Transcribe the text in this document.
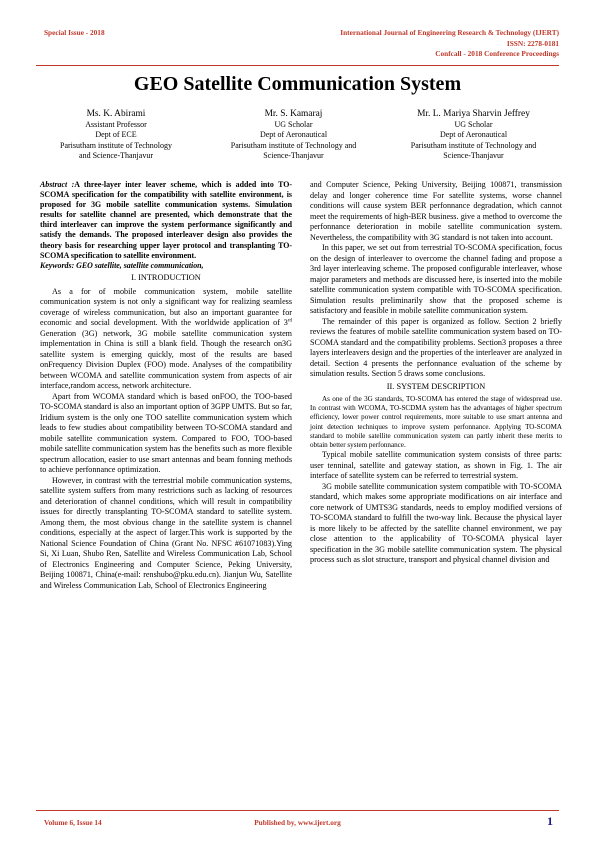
Special Issue - 2018	International Journal of Engineering Research & Technology (IJERT)
ISSN: 2278-0181
Confcall - 2018 Conference Proceedings
GEO Satellite Communication System
Ms. K. Abirami
Assistant Professor
Dept of ECE
Parisutham institute of Technology
and Science-Thanjavur
Mr. S. Kamaraj
UG Scholar
Dept of Aeronautical
Parisutham institute of Technology and
Science-Thanjavur
Mr. L. Mariya Sharvin Jeffrey
UG Scholar
Dept of Aeronautical
Parisutham institute of Technology and
Science-Thanjavur

Abstract :A three-layer inter leaver scheme, which is added into TO-SCOMA specification for the compatibility with satellite environment, is proposed for 3G mobile satellite communication systems. Simulation results for satellite channel are presented, which demonstrate that the third interleaver can improve the system performance significantly and satisfy the demands. The proposed interleaver design also provides the theory basis for researching upper layer protocol and transplanting TO-SCOMA specification to satellite environment.

Keywords: GEO satellite, satellite communication,

I. INTRODUCTION

As a for of mobile communication system, mobile satellite communication system is not only a significant way for realizing seamless coverage of wireless communication, but also an important guarantee for economic and social development. With the worldwide application of 3rd Generation (3G) network, 3G mobile satellite communication system implementation in China is still a blank field. Though the research on3G satellite system is emerging quickly, most of the results are based onFrequency Division Duplex (FOO) mode. Analyses of the compatibility between WCOMA and satellite communication system from aspects of air interface,random access, network architecture.

Apart from WCOMA standard which is based onFOO, the TOO-based TO-SCOMA standard is also an important option of 3GPP UMTS. But so far, Iridium system is the only one TOO satellite communication system which leads to few studies about compatibility between TO-SCOMA standard and mobile satellite communication system. Compared to FOO, TOO-based mobile satellite communication system has the benefits such as more flexible spectrum allocation, easier to use smart antennas and beam fonning methods to achieve perfonnance optimization.

However, in contrast with the terrestrial mobile communication systems, satellite system suffers from many restrictions such as lacking of resources and deterioration of channel conditions, which will result in compatibility issues for directly transplanting TO-SCOMA standard to satellite system. Among them, the most obvious change in the satellite system is channel conditions, especially at the aspect of larger.This work is supported by the National Science Foundation of China (Grant No. NFSC #61071083).Ying Si, Xi Luan, Shubo Ren, Satellite and Wireless Communication Lab, School of Electronics Engineering and Computer Science, Peking University, Beijing 100871, China(e-mail: renshubo@pku.edu.cn). Jianjun Wu, Satellite and Wireless Communication Lab, School of Electronics Engineering

and Computer Science, Peking University, Beijing 100871, transmission delay and longer coherence time For satellite systems, worse channel conditions will cause system BER perfonnance degradation, which cannot meet the requirements of high-BER business. give a method to overcome the perfonnance deterioration in mobile satellite communication system. Nevertheless, the compatibility with 3G standard is not taken into account.

In this paper, we set out from terrestrial TO-SCOMA specification, focus on the design of interleaver to overcome the channel fading and propose a 3rd layer interleaving scheme. The proposed configurable interleaver, whose major parameters and methods are discussed here, is inserted into the mobile satellite communication system compatible with TO-SCOMA specification. Simulation results preliminarily show that the proposed scheme is satisfactory and feasible in mobile satellite communication system.

The remainder of this paper is organized as follow. Section 2 briefly reviews the features of mobile satellite communication system based on TO-SCOMA standard and the compatibility problems. Section3 proposes a three layers interleavers design and the properties of the interleaver are analyzed in detail. Section 4 presents the perfonnance evaluation of the scheme by simulation results. Section 5 draws some conclusions.

II. SYSTEM DESCRIPTION

As one of the 3G standards, TO-SCOMA has entered the stage of widespread use. In contrast with WCOMA, TO-SCDMA system has the advantages of higher spectrum efficiency, lower power control requirements, more suitable to use smart antenna and joint detection techniques to improve system perfonnance. Applying TO-SCOMA standard to mobile satellite communication system can partly inherit these merits to obtain better system perfonnance.

Typical mobile satellite communication system consists of three parts: user tenninal, satellite and gateway station, as shown in Fig. 1. The air interface of satellite system can be referred to terrestrial system.

3G mobile satellite communication system compatible with TO-SCOMA standard, which makes some appropriate modifications on air interface and core network of UMTS3G standards, needs to employ modified versions of TO-SCOMA standard to fulfill the two-way link. Because the physical layer is more likely to be affected by the satellite channel environment, we pay close attention to the applicability of TO-SCOMA physical layer specification in the 3G mobile satellite communication system. The physical process such as slot structure, transport and physical channel division and

Volume 6, Issue 14	Published by, www.ijert.org	1
